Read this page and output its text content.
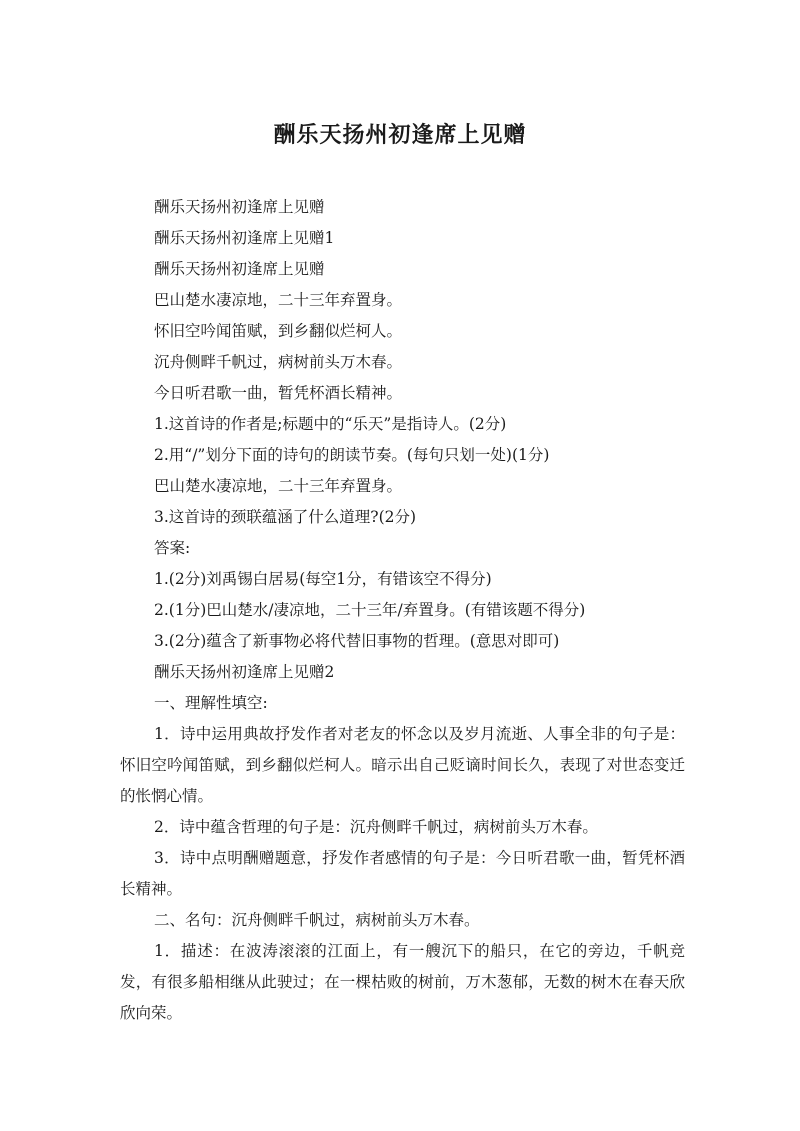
酬乐天扬州初逢席上见赠
酬乐天扬州初逢席上见赠
酬乐天扬州初逢席上见赠1
酬乐天扬州初逢席上见赠
巴山楚水凄凉地，二十三年弃置身。
怀旧空吟闻笛赋，到乡翻似烂柯人。
沉舟侧畔千帆过，病树前头万木春。
今日听君歌一曲，暂凭杯酒长精神。
1.这首诗的作者是;标题中的“乐天”是指诗人。(2分)
2.用“/”划分下面的诗句的朗读节奏。(每句只划一处)(1分)
巴山楚水凄凉地，二十三年弃置身。
3.这首诗的颈联蕴涵了什么道理?(2分)
答案:
1.(2分)刘禹锡白居易(每空1分，有错该空不得分)
2.(1分)巴山楚水/凄凉地，二十三年/弃置身。(有错该题不得分)
3.(2分)蕴含了新事物必将代替旧事物的哲理。(意思对即可)
酬乐天扬州初逢席上见赠2
一、理解性填空:
1．诗中运用典故抒发作者对老友的怀念以及岁月流逝、人事全非的句子是：怀旧空吟闻笛赋，到乡翻似烂柯人。暗示出自己贬谪时间长久，表现了对世态变迁的怅惘心情。
2．诗中蕴含哲理的句子是：沉舟侧畔千帆过，病树前头万木春。
3．诗中点明酬赠题意，抒发作者感情的句子是：今日听君歌一曲，暂凭杯酒长精神。
二、名句：沉舟侧畔千帆过，病树前头万木春。
1．描述：在波涛滚滚的江面上，有一艘沉下的船只，在它的旁边，千帆竞发，有很多船相继从此驶过；在一棵枯败的树前，万木葱郁，无数的树木在春天欣欣向荣。
